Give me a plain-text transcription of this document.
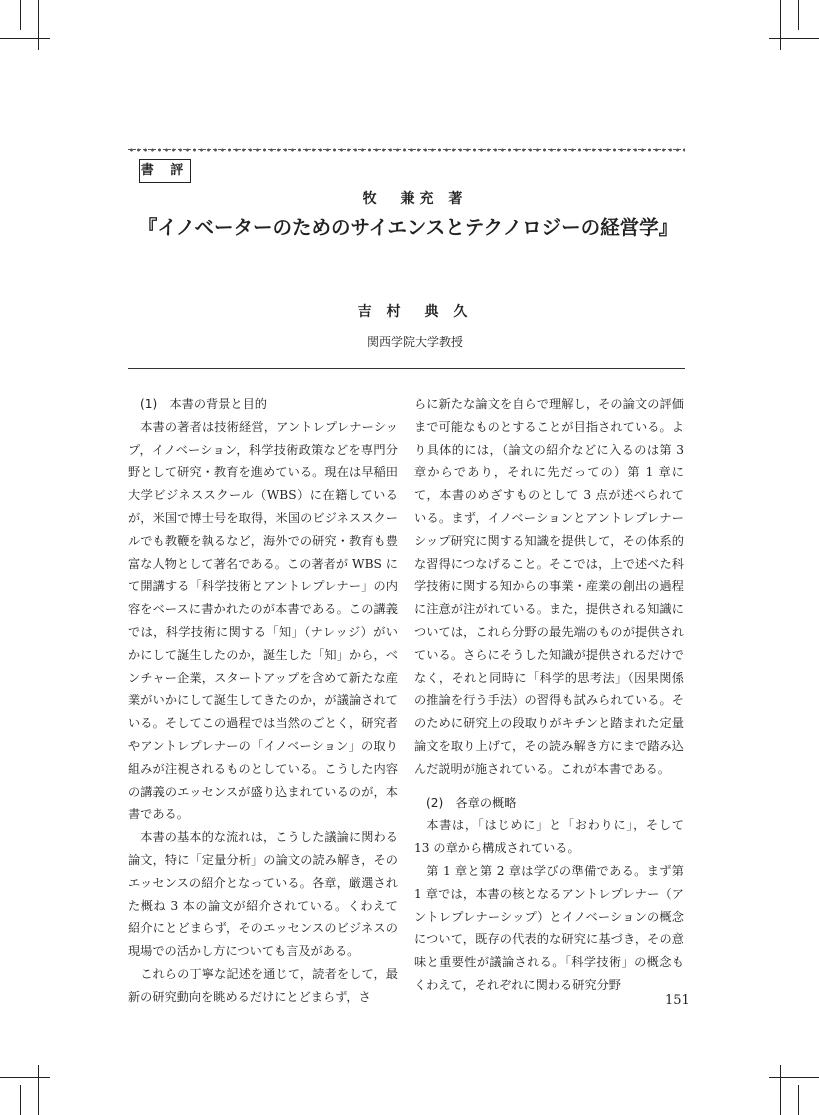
書 評
牧　兼充 著
『イノベーターのためのサイエンスとテクノロジーの経営学』
吉 村　典 久
関西学院大学教授
(1)　本書の背景と目的

本書の著者は技術経営，アントレプレナーシップ，イノベーション，科学技術政策などを専門分野として研究・教育を進めている。現在は早稲田大学ビジネススクール（WBS）に在籍しているが，米国で博士号を取得，米国のビジネススクールでも教鞭を執るなど，海外での研究・教育も豊富な人物として著名である。この著者が WBS にて開講する「科学技術とアントレプレナー」の内容をベースに書かれたのが本書である。この講義では，科学技術に関する「知」（ナレッジ）がいかにして誕生したのか，誕生した「知」から，ベンチャー企業，スタートアップを含めて新たな産業がいかにして誕生してきたのか，が議論されている。そしてこの過程では当然のごとく，研究者やアントレプレナーの「イノベーション」の取り組みが注視されるものとしている。こうした内容の講義のエッセンスが盛り込まれているのが，本書である。

本書の基本的な流れは，こうした議論に関わる論文，特に「定量分析」の論文の読み解き，そのエッセンスの紹介となっている。各章，厳選された概ね 3 本の論文が紹介されている。くわえて紹介にとどまらず，そのエッセンスのビジネスの現場での活かし方についても言及がある。

これらの丁寧な記述を通じて，読者をして，最新の研究動向を眺めるだけにとどまらず，さ

らに新たな論文を自らで理解し，その論文の評価まで可能なものとすることが目指されている。より具体的には，（論文の紹介などに入るのは第 3 章からであり，それに先だっての）第 1 章にて，本書のめざすものとして 3 点が述べられている。まず，イノベーションとアントレプレナーシップ研究に関する知識を提供して，その体系的な習得につなげること。そこでは，上で述べた科学技術に関する知からの事業・産業の創出の過程に注意が注がれている。また，提供される知識については，これら分野の最先端のものが提供されている。さらにそうした知識が提供されるだけでなく，それと同時に「科学的思考法」（因果関係の推論を行う手法）の習得も試みられている。そのために研究上の段取りがキチンと踏まれた定量論文を取り上げて，その読み解き方にまで踏み込んだ説明が施されている。これが本書である。

(2)　各章の概略

本書は，「はじめに」と「おわりに」，そして 13 の章から構成されている。

第 1 章と第 2 章は学びの準備である。まず第 1 章では，本書の核となるアントレプレナー（アントレプレナーシップ）とイノベーションの概念について，既存の代表的な研究に基づき，その意味と重要性が議論される。「科学技術」の概念もくわえて，それぞれに関わる研究分野

151
